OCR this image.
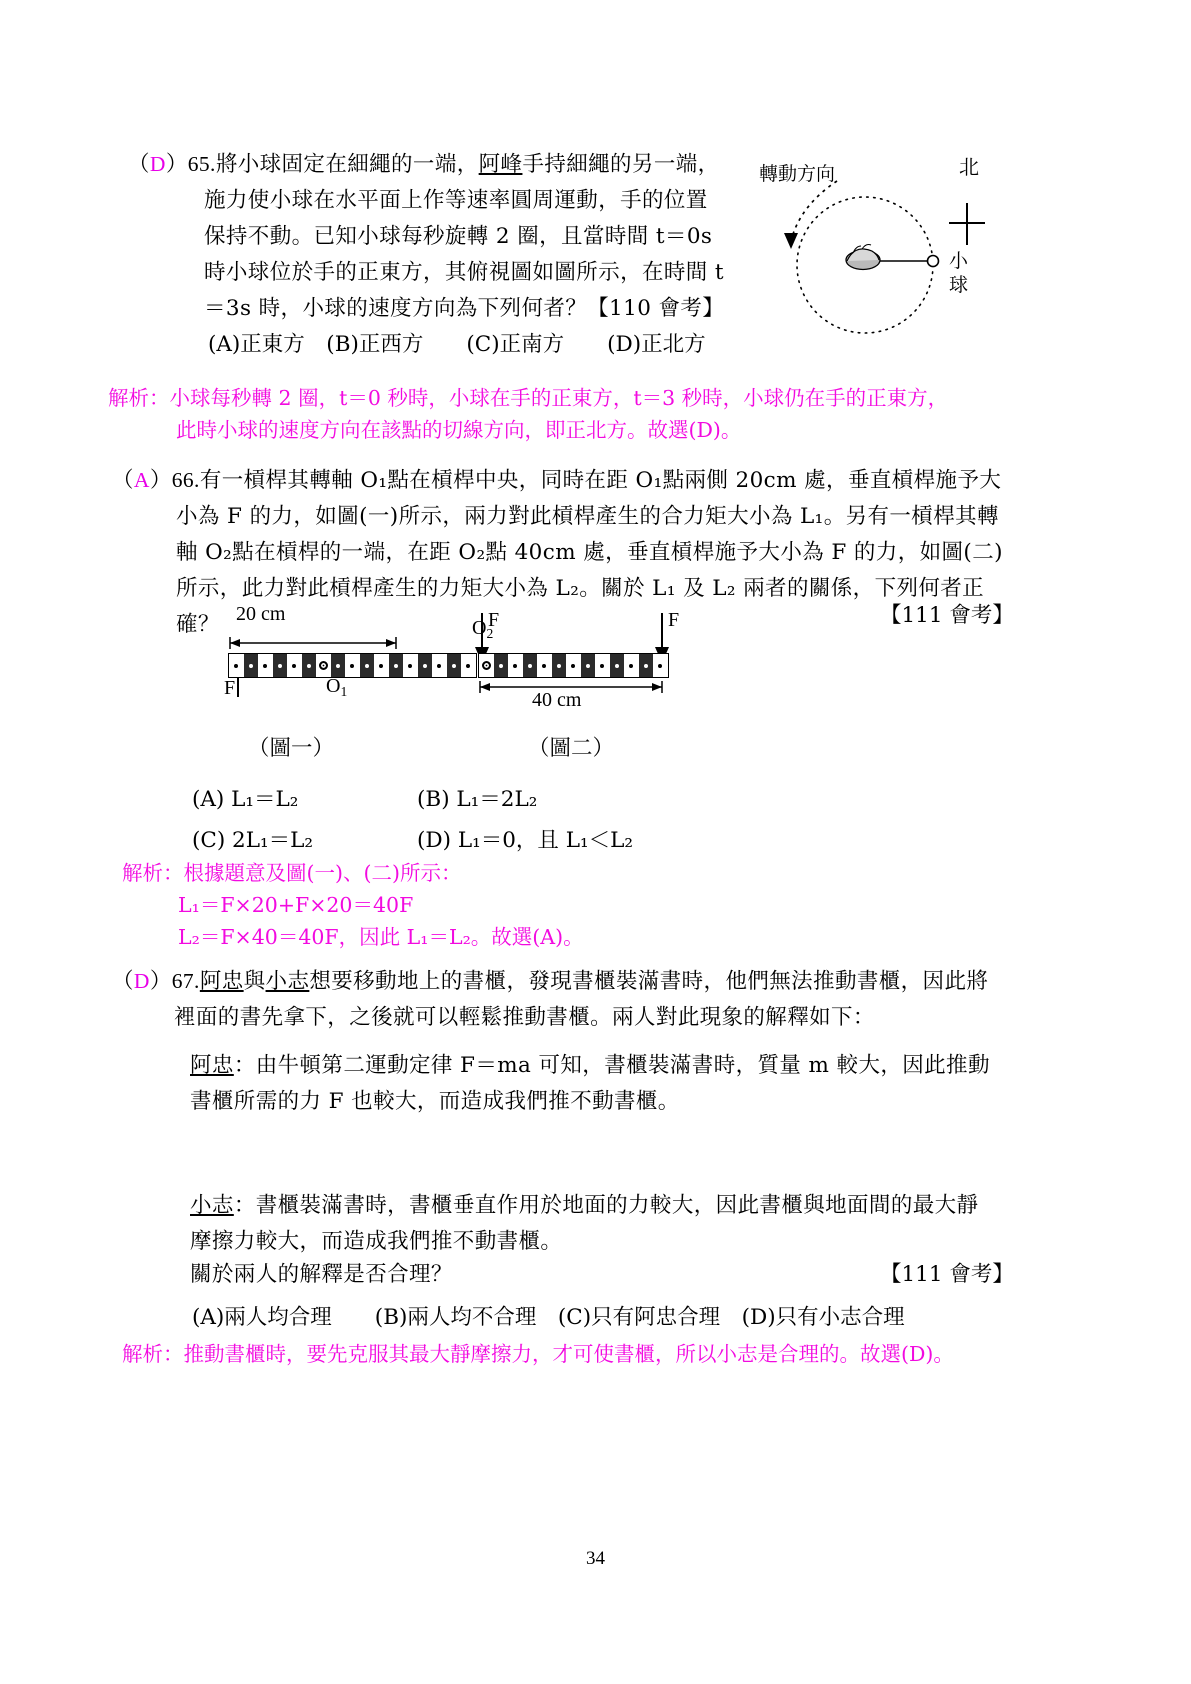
（D）65.將小球固定在細繩的一端，阿峰手持細繩的另一端，
施力使小球在水平面上作等速率圓周運動，手的位置
保持不動。已知小球每秒旋轉 2 圈，且當時間 t＝0s
時小球位於手的正東方，其俯視圖如圖所示，在時間 t
＝3s 時，小球的速度方向為下列何者？【110 會考】
(A)正東方　(B)正西方　　(C)正南方　　(D)正北方
轉動方向	北
小球
解析：小球每秒轉 2 圈，t＝0 秒時，小球在手的正東方，t＝3 秒時，小球仍在手的正東方，
此時小球的速度方向在該點的切線方向，即正北方。故選(D)。
（A）66.有一槓桿其轉軸 O₁點在槓桿中央，同時在距 O₁點兩側 20cm 處，垂直槓桿施予大
小為 F 的力，如圖(一)所示，兩力對此槓桿產生的合力矩大小為 L₁。另有一槓桿其轉
軸 O₂點在槓桿的一端，在距 O₂點 40cm 處，垂直槓桿施予大小為 F 的力，如圖(二)
所示，此力對此槓桿產生的力矩大小為 L₂。關於 L₁ 及 L₂ 兩者的關係，下列何者正確？	【111 會考】
20 cm
F
F
$O_1$
$O_2$
F
40 cm
（圖一）	（圖二）
(A) L₁＝L₂	(B) L₁＝2L₂
(C) 2L₁＝L₂	(D) L₁＝0，且 L₁＜L₂
解析：根據題意及圖(一)、(二)所示：
L₁＝F×20+F×20＝40F
L₂＝F×40＝40F，因此 L₁＝L₂。故選(A)。
（D）67.阿忠與小志想要移動地上的書櫃，發現書櫃裝滿書時，他們無法推動書櫃，因此將
裡面的書先拿下，之後就可以輕鬆推動書櫃。兩人對此現象的解釋如下：
阿忠：由牛頓第二運動定律 F＝ma 可知，書櫃裝滿書時，質量 m 較大，因此推動
書櫃所需的力 F 也較大，而造成我們推不動書櫃。
小志：書櫃裝滿書時，書櫃垂直作用於地面的力較大，因此書櫃與地面間的最大靜
摩擦力較大，而造成我們推不動書櫃。
關於兩人的解釋是否合理？	【111 會考】
(A)兩人均合理　　(B)兩人均不合理　(C)只有阿忠合理　(D)只有小志合理
解析：推動書櫃時，要先克服其最大靜摩擦力，才可使書櫃，所以小志是合理的。故選(D)。
34
